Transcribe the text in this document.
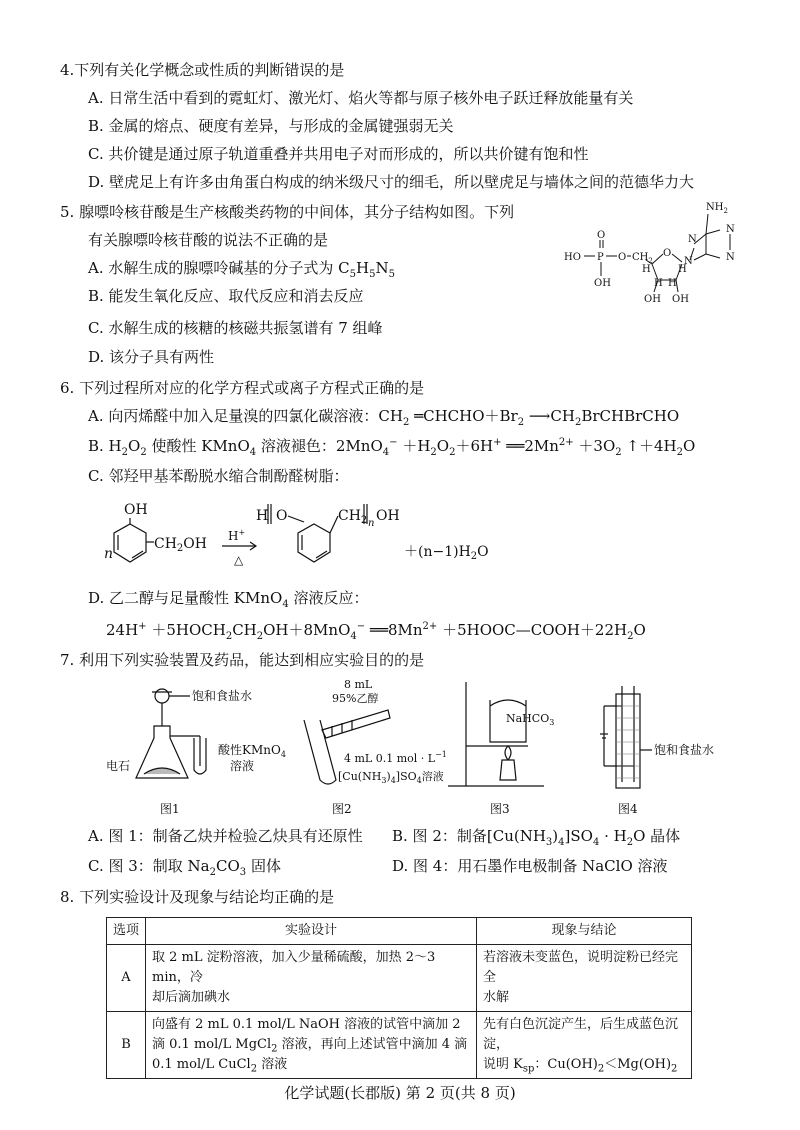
4.下列有关化学概念或性质的判断错误的是
A. 日常生活中看到的霓虹灯、激光灯、焰火等都与原子核外电子跃迁释放能量有关
B. 金属的熔点、硬度有差异，与形成的金属键强弱无关
C. 共价键是通过原子轨道重叠并共用电子对而形成的，所以共价键有饱和性
D. 壁虎足上有许多由角蛋白构成的纳米级尺寸的细毛，所以壁虎足与墙体之间的范德华力大
5. 腺嘌呤核苷酸是生产核酸类药物的中间体，其分子结构如图。下列
有关腺嘌呤核苷酸的说法不正确的是
A. 水解生成的腺嘌呤碱基的分子式为 $C_5H_5N_5$
B. 能发生氧化反应、取代反应和消去反应
C. 水解生成的核糖的核磁共振氢谱有 7 组峰
D. 该分子具有两性
$NH_2$
HO P
O
O $CH_2$
OH
O
H	H
H H
OH OH
N
N
N
N
6. 下列过程所对应的化学方程式或离子方程式正确的是
A. 向丙烯醛中加入足量溴的四氯化碳溶液：$CH_2$ $═CHCHO+Br_2$ $⟶CH_2BrCHBrCHO$
B. $H_2O_2$ 使酸性 KMnO$_4$ 溶液褪色：$2MnO_4^- +H_2O_2+6H^+$ $══2Mn^{2+} +3O_2$ $↑+4H_2O$
C. 邻羟甲基苯酚脱水缩合制酚醛树脂：
OH
n
$CH_2OH$ H+
△
H O	$CH_2$ n OH
$+(n-1)H_2O$
D. 乙二醇与足量酸性 KMnO$_4$ 溶液反应：
$24H^+ +5HOCH_2CH_2OH+8MnO_4^-$ $══8Mn^{2+}$ $+5HOOC—COOH+22H_2O$
7. 利用下列实验装置及药品，能达到相应实验目的的是
饱和食盐水
电石
酸性KMnO$_4$
溶液
图1
8 mL
95%乙醇
4 mL 0.1 mol · $L^{-1}$
$[Cu(NH_3)_4]SO_4$溶液
图2
NaHCO$_3$
图3
饱和食盐水
图4
A. 图 1：制备乙炔并检验乙炔具有还原性 B. 图 2：制备$[Cu(NH_3)_4]SO_4 \cdot H_2O$ 晶体
C. 图 3：制取 $Na_2CO_3$ 固体	D. 图 4：用石墨作电极制备 NaClO 溶液
8. 下列实验设计及现象与结论均正确的是
选项	实验设计	现象与结论
A	取 2 mL 淀粉溶液，加入少量稀硫酸，加热 2～3 min，冷
却后滴加碘水	若溶液未变蓝色，说明淀粉已经完全
水解
B	向盛有 2 mL 0.1 mol/L NaOH 溶液的试管中滴加 2
滴 0.1 mol/L MgCl$_2$ 溶液，再向上述试管中滴加 4 滴
0.1 mol/L CuCl$_2$ 溶液	先有白色沉淀产生，后生成蓝色沉淀，
说明 $K_{sp}$：$Cu(OH)_2<Mg(OH)_2$
化学试题(长郡版) 第 2 页(共 8 页)
